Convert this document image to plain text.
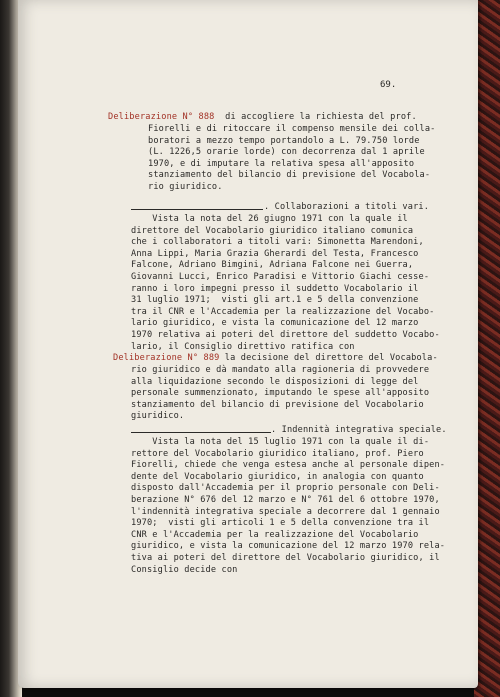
69.
Deliberazione N° 888  di accogliere la richiesta del prof.
Fiorelli e di ritoccare il compenso mensile dei colla-
boratori a mezzo tempo portandolo a L. 79.750 lorde
(L. 1226,5 orarie lorde) con decorrenza dal 1 aprile
1970, e di imputare la relativa spesa all'apposito
stanziamento del bilancio di previsione del Vocabola-
rio giuridico.
. Collaborazioni a titoli vari.
Vista la nota del 26 giugno 1971 con la quale il
direttore del Vocabolario giuridico italiano comunica
che i collaboratori a titoli vari: Simonetta Marendoni,
Anna Lippi, Maria Grazia Gherardi del Testa, Francesco
Falcone, Adriano Bimgini, Adriana Falcone nei Guerra,
Giovanni Lucci, Enrico Paradisi e Vittorio Giachi cesse-
ranno i loro impegni presso il suddetto Vocabolario il
31 luglio 1971;  visti gli art.1 e 5 della convenzione
tra il CNR e l'Accademia per la realizzazione del Vocabo-
lario giuridico, e vista la comunicazione del 12 marzo
1970 relativa ai poteri del direttore del suddetto Vocabo-
lario, il Consiglio direttivo ratifica con
Deliberazione N° 889 la decisione del direttore del Vocabola-
rio giuridico e dà mandato alla ragioneria di provvedere
alla liquidazione secondo le disposizioni di legge del
personale summenzionato, imputando le spese all'apposito
stanziamento del bilancio di previsione del Vocabolario
giuridico.
. Indennità integrativa speciale.
Vista la nota del 15 luglio 1971 con la quale il di-
rettore del Vocabolario giuridico italiano, prof. Piero
Fiorelli, chiede che venga estesa anche al personale dipen-
dente del Vocabolario giuridico, in analogia con quanto
disposto dall'Accademia per il proprio personale con Deli-
berazione N° 676 del 12 marzo e N° 761 del 6 ottobre 1970,
l'indennità integrativa speciale a decorrere dal 1 gennaio
1970;  visti gli articoli 1 e 5 della convenzione tra il
CNR e l'Accademia per la realizzazione del Vocabolario
giuridico, e vista la comunicazione del 12 marzo 1970 rela-
tiva ai poteri del direttore del Vocabolario giuridico, il
Consiglio decide con
